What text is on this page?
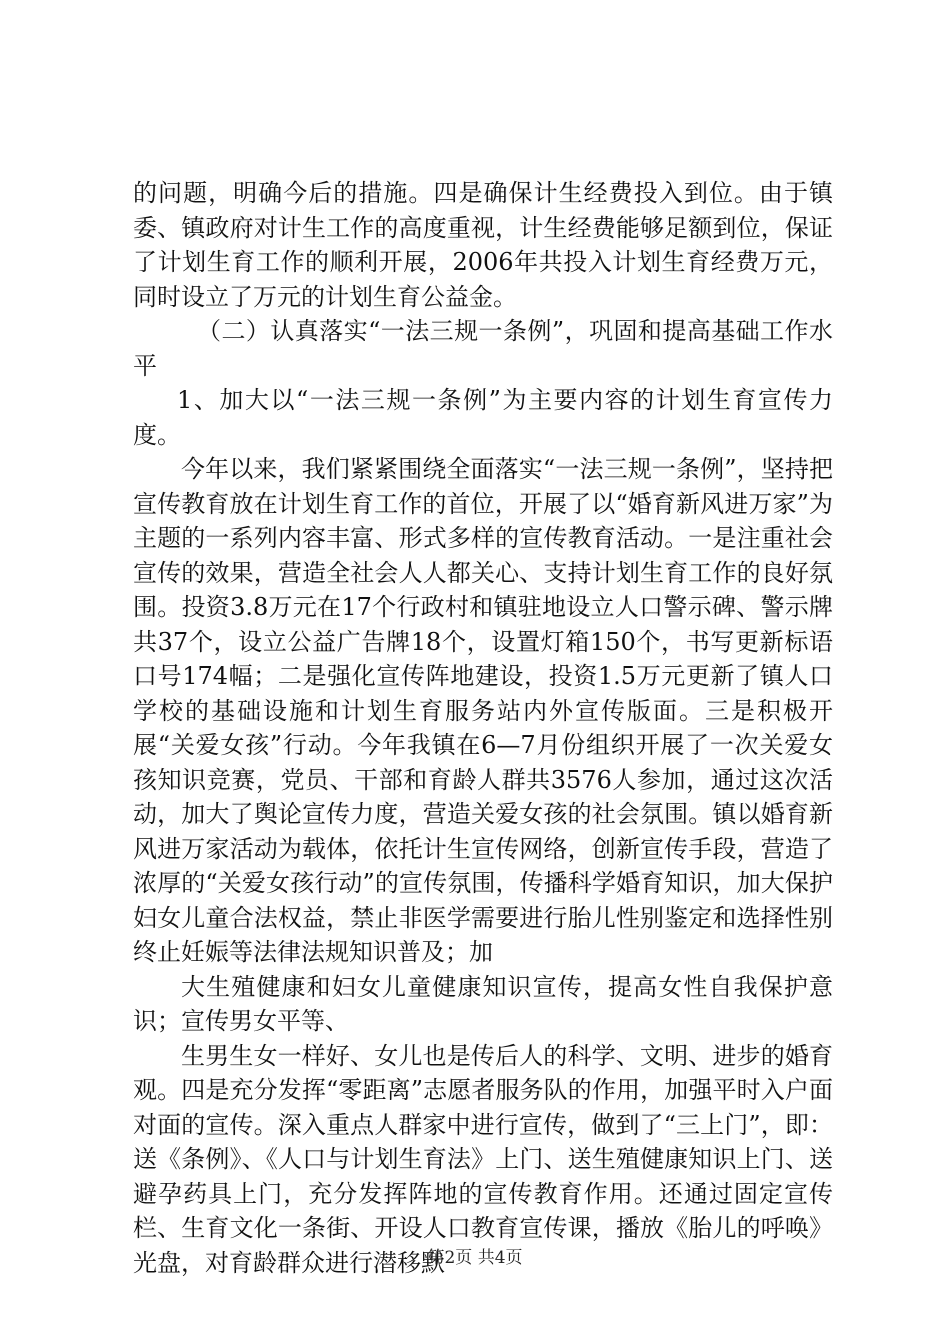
的问题，明确今后的措施。四是确保计生经费投入到位。由于镇委、镇政府对计生工作的高度重视，计生经费能够足额到位，保证了计划生育工作的顺利开展，2006年共投入计划生育经费万元，同时设立了万元的计划生育公益金。

（二）认真落实“一法三规一条例”，巩固和提高基础工作水平

1、加大以“一法三规一条例”为主要内容的计划生育宣传力度。

今年以来，我们紧紧围绕全面落实“一法三规一条例”，坚持把宣传教育放在计划生育工作的首位，开展了以“婚育新风进万家”为主题的一系列内容丰富、形式多样的宣传教育活动。一是注重社会宣传的效果，营造全社会人人都关心、支持计划生育工作的良好氛围。投资3.8万元在17个行政村和镇驻地设立人口警示碑、警示牌共37个，设立公益广告牌18个，设置灯箱150个，书写更新标语口号174幅；二是强化宣传阵地建设，投资1.5万元更新了镇人口学校的基础设施和计划生育服务站内外宣传版面。三是积极开展“关爱女孩”行动。今年我镇在6—7月份组织开展了一次关爱女孩知识竞赛，党员、干部和育龄人群共3576人参加，通过这次活动，加大了舆论宣传力度，营造关爱女孩的社会氛围。镇以婚育新风进万家活动为载体，依托计生宣传网络，创新宣传手段，营造了浓厚的“关爱女孩行动”的宣传氛围，传播科学婚育知识，加大保护妇女儿童合法权益，禁止非医学需要进行胎儿性别鉴定和选择性别终止妊娠等法律法规知识普及；加

大生殖健康和妇女儿童健康知识宣传，提高女性自我保护意识；宣传男女平等、

生男生女一样好、女儿也是传后人的科学、文明、进步的婚育观。四是充分发挥“零距离”志愿者服务队的作用，加强平时入户面对面的宣传。深入重点人群家中进行宣传，做到了“三上门”，即：送《条例》、《人口与计划生育法》上门、送生殖健康知识上门、送避孕药具上门，充分发挥阵地的宣传教育作用。还通过固定宣传栏、生育文化一条街、开设人口教育宣传课，播放《胎儿的呼唤》光盘，对育龄群众进行潜移默

第2页 共4页
